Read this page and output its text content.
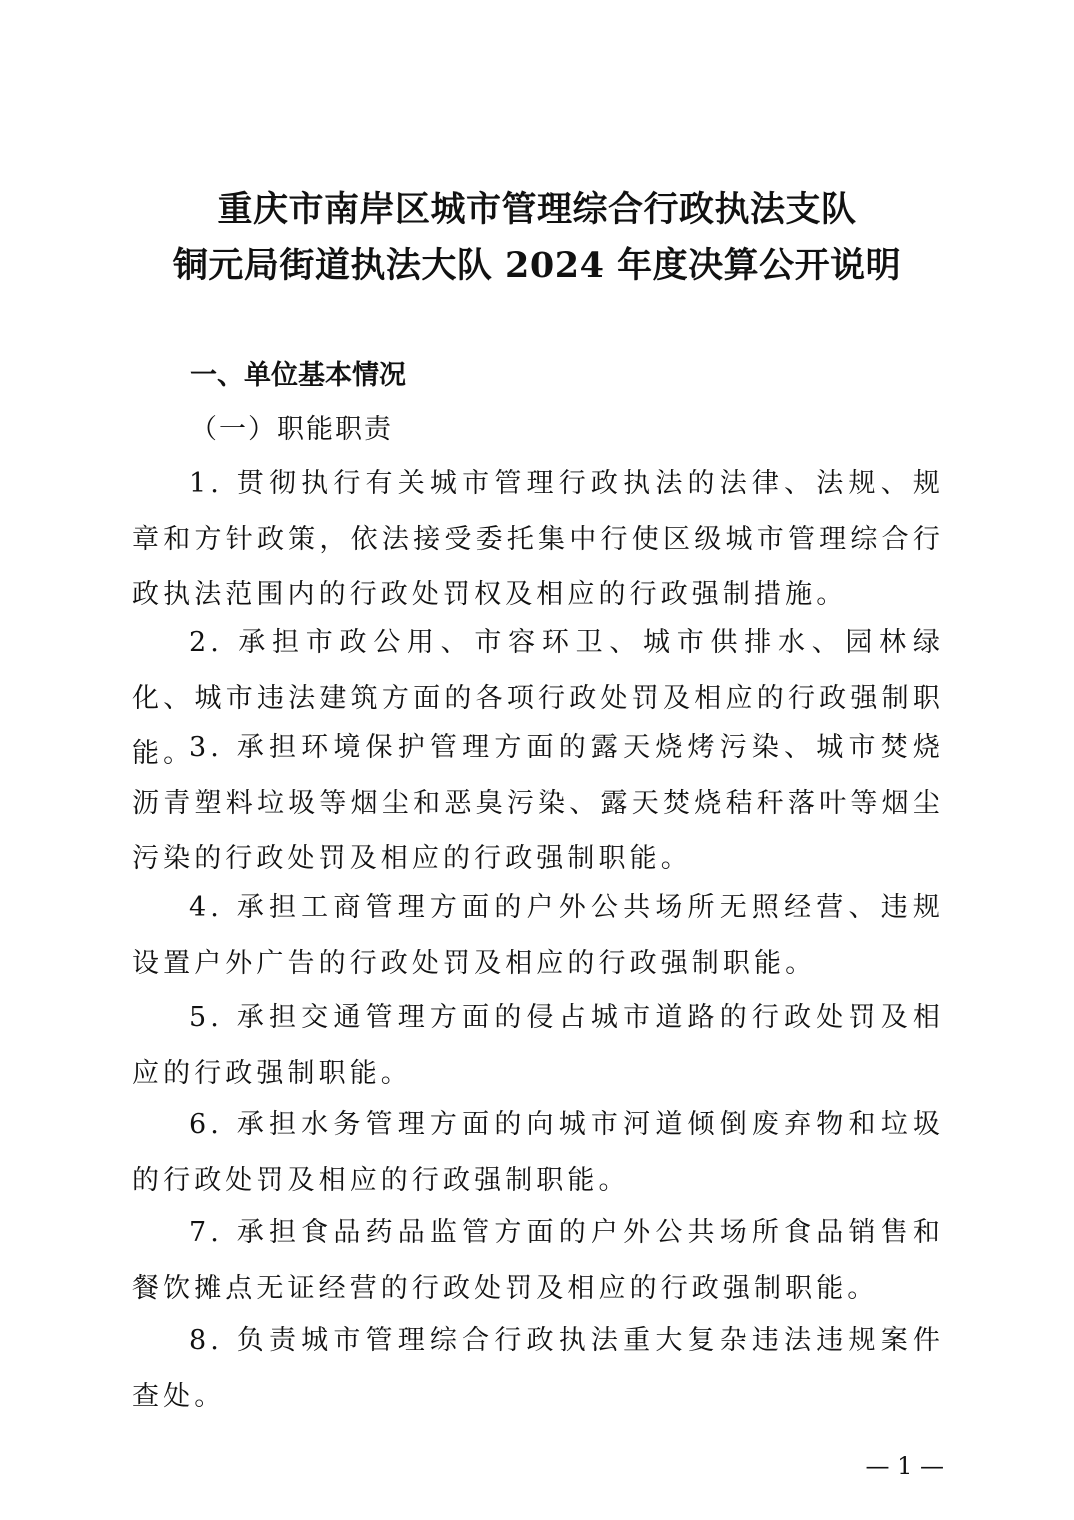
重庆市南岸区城市管理综合行政执法支队
铜元局街道执法大队 2024 年度决算公开说明
一、单位基本情况
（一）职能职责

1. 贯彻执行有关城市管理行政执法的法律、法规、规章和方针政策，依法接受委托集中行使区级城市管理综合行政执法范围内的行政处罚权及相应的行政强制措施。

2. 承担市政公用、市容环卫、城市供排水、园林绿化、城市违法建筑方面的各项行政处罚及相应的行政强制职能。

3. 承担环境保护管理方面的露天烧烤污染、城市焚烧沥青塑料垃圾等烟尘和恶臭污染、露天焚烧秸秆落叶等烟尘污染的行政处罚及相应的行政强制职能。

4. 承担工商管理方面的户外公共场所无照经营、违规设置户外广告的行政处罚及相应的行政强制职能。

5. 承担交通管理方面的侵占城市道路的行政处罚及相应的行政强制职能。

6. 承担水务管理方面的向城市河道倾倒废弃物和垃圾的行政处罚及相应的行政强制职能。

7. 承担食品药品监管方面的户外公共场所食品销售和餐饮摊点无证经营的行政处罚及相应的行政强制职能。

8. 负责城市管理综合行政执法重大复杂违法违规案件查处。

— 1 —
